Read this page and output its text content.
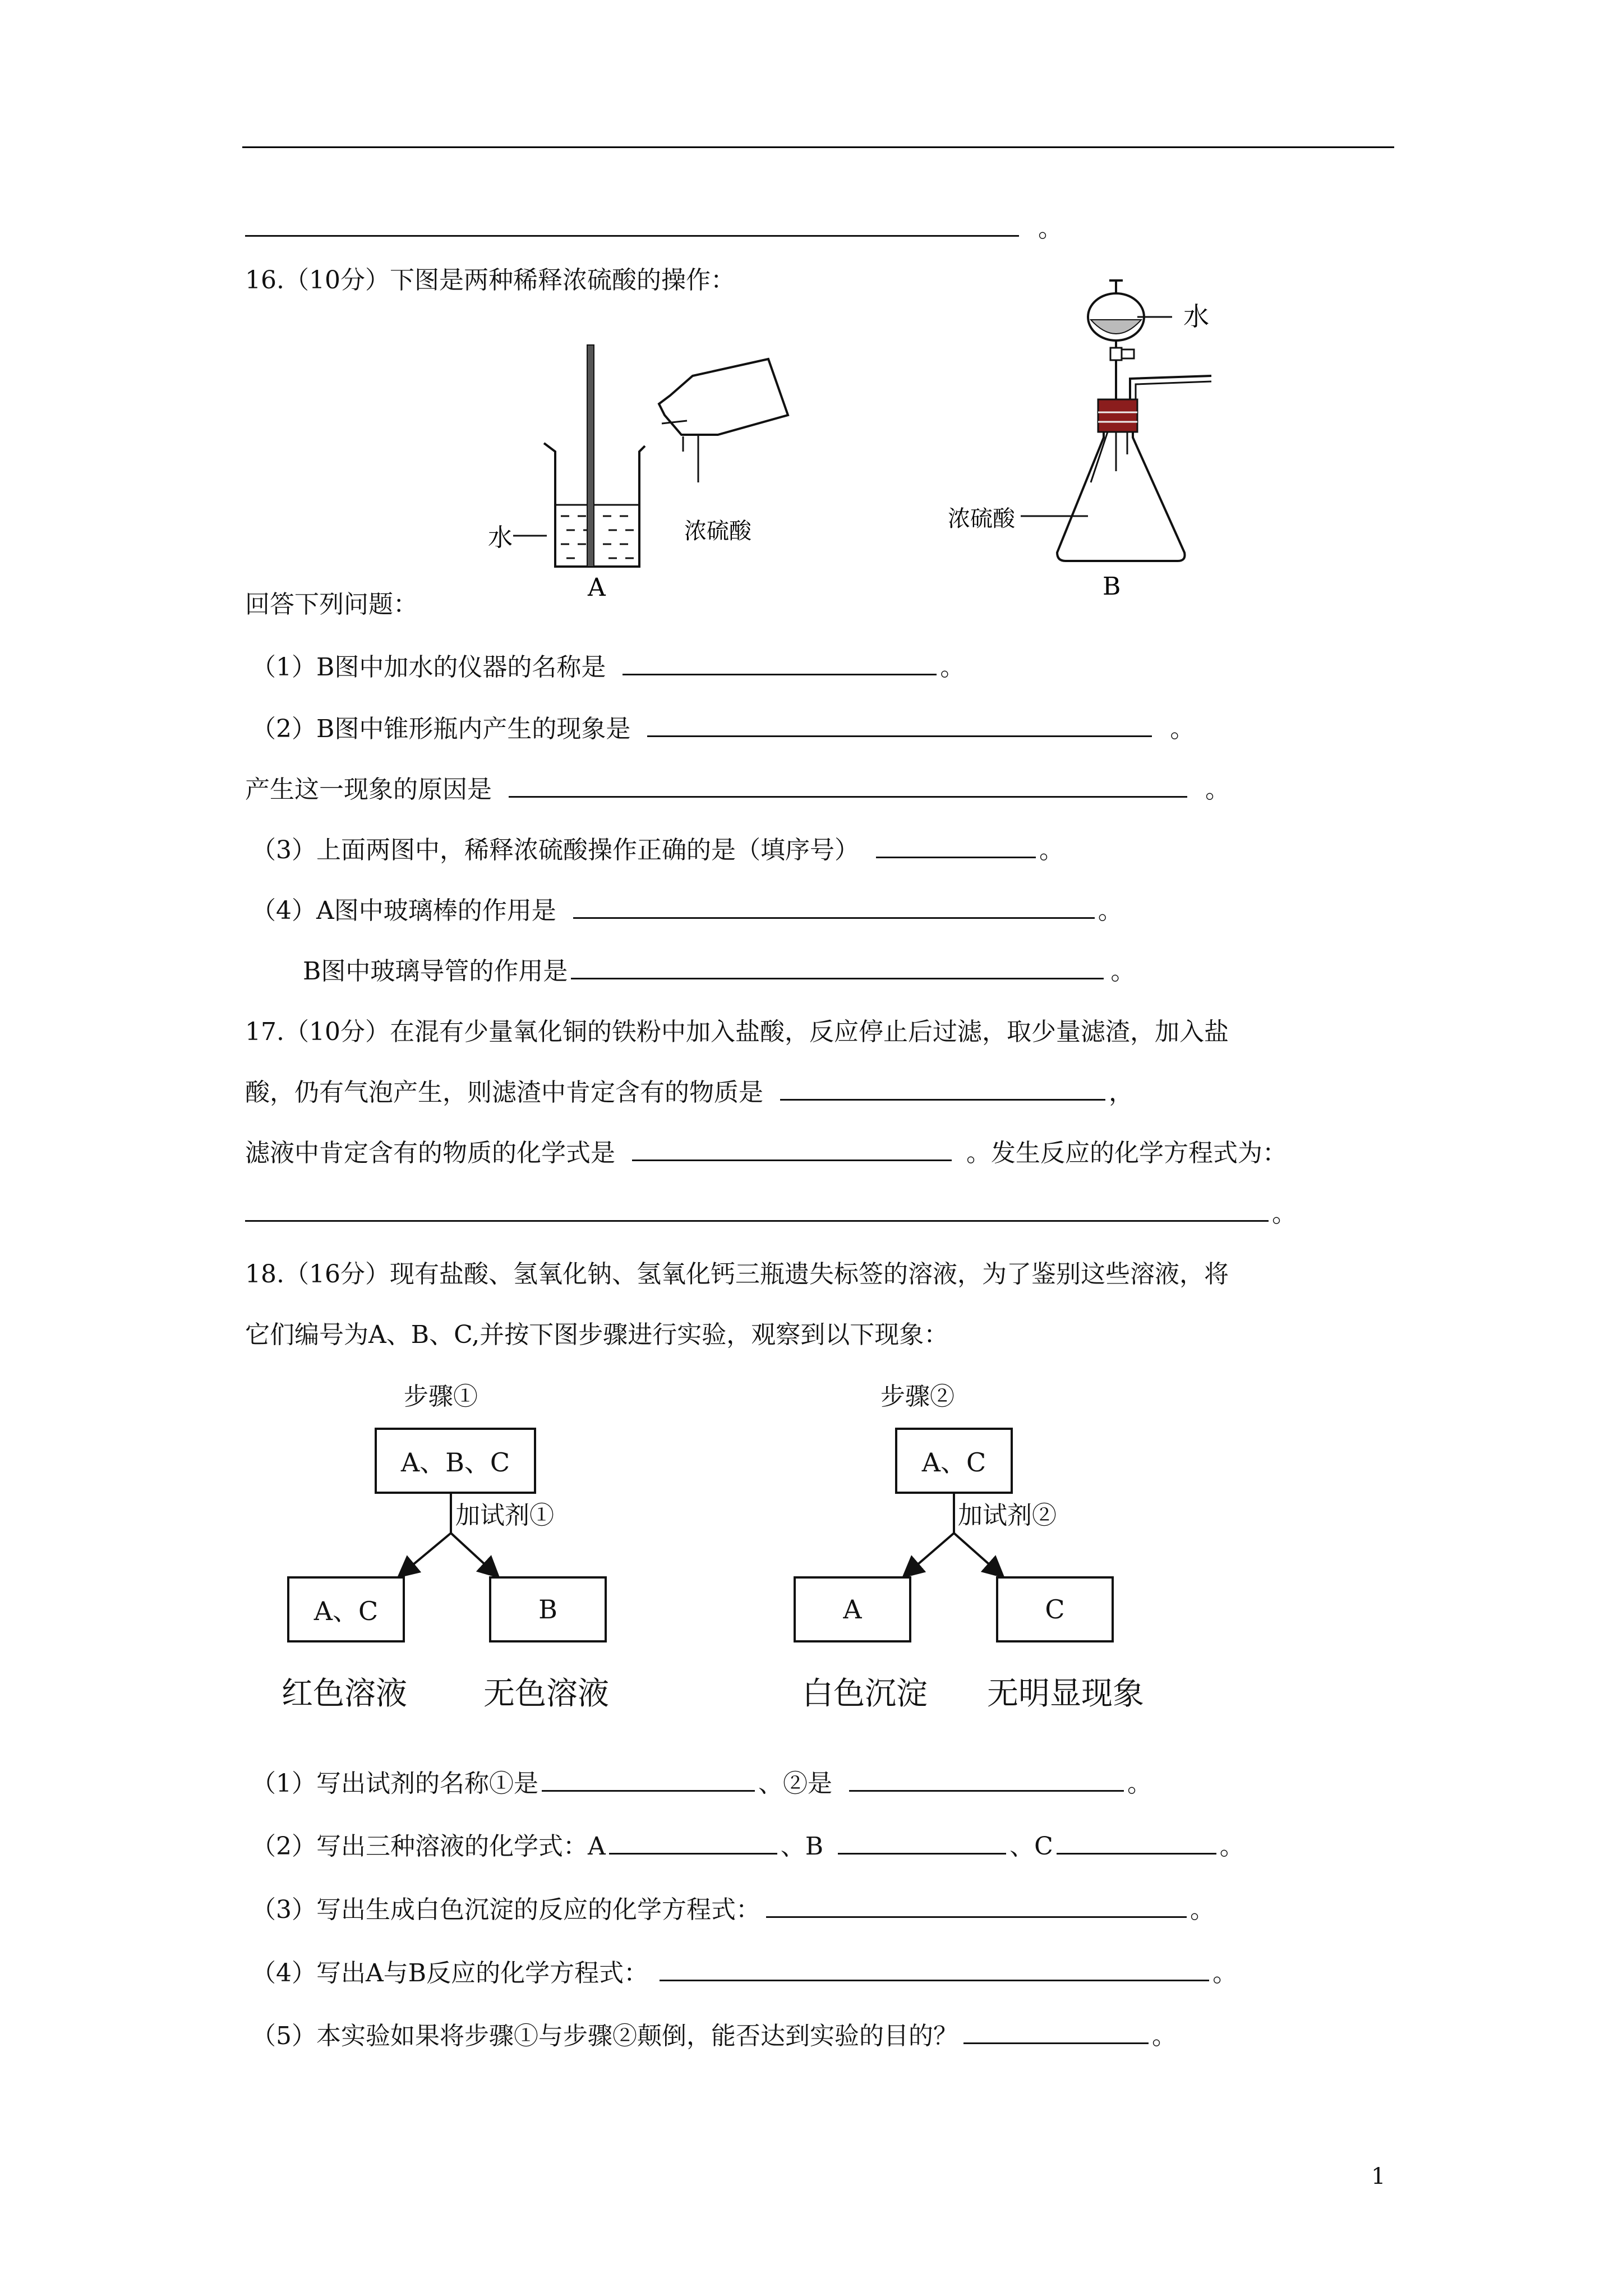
。
16.（10分）下图是两种稀释浓硫酸的操作：
水	浓硫酸
A
水
浓硫酸
B
回答下列问题：
（1）B图中加水的仪器的名称是	。
（2）B图中锥形瓶内产生的现象是	。
产生这一现象的原因是	。
（3）上面两图中，稀释浓硫酸操作正确的是（填序号）	。
（4）A图中玻璃棒的作用是	。
B图中玻璃导管的作用是	。
17.（10分）在混有少量氧化铜的铁粉中加入盐酸，反应停止后过滤，取少量滤渣，加入盐
酸，仍有气泡产生，则滤渣中肯定含有的物质是	，
滤液中肯定含有的物质的化学式是	。发生反应的化学方程式为：
。
18.（16分）现有盐酸、氢氧化钠、氢氧化钙三瓶遗失标签的溶液，为了鉴别这些溶液，将
它们编号为A、B、C,并按下图步骤进行实验，观察到以下现象：
步骤①
A、B、C
加试剂①
A、C	B
红色溶液 无色溶液
步骤②
A、C
加试剂②
A	C
白色沉淀 无明显现象
（1）写出试剂的名称①是	、②是	。
（2）写出三种溶液的化学式：A	、B	、C	。
（3）写出生成白色沉淀的反应的化学方程式：	。
（4）写出A与B反应的化学方程式：	。
（5）本实验如果将步骤①与步骤②颠倒，能否达到实验的目的？	。
1
